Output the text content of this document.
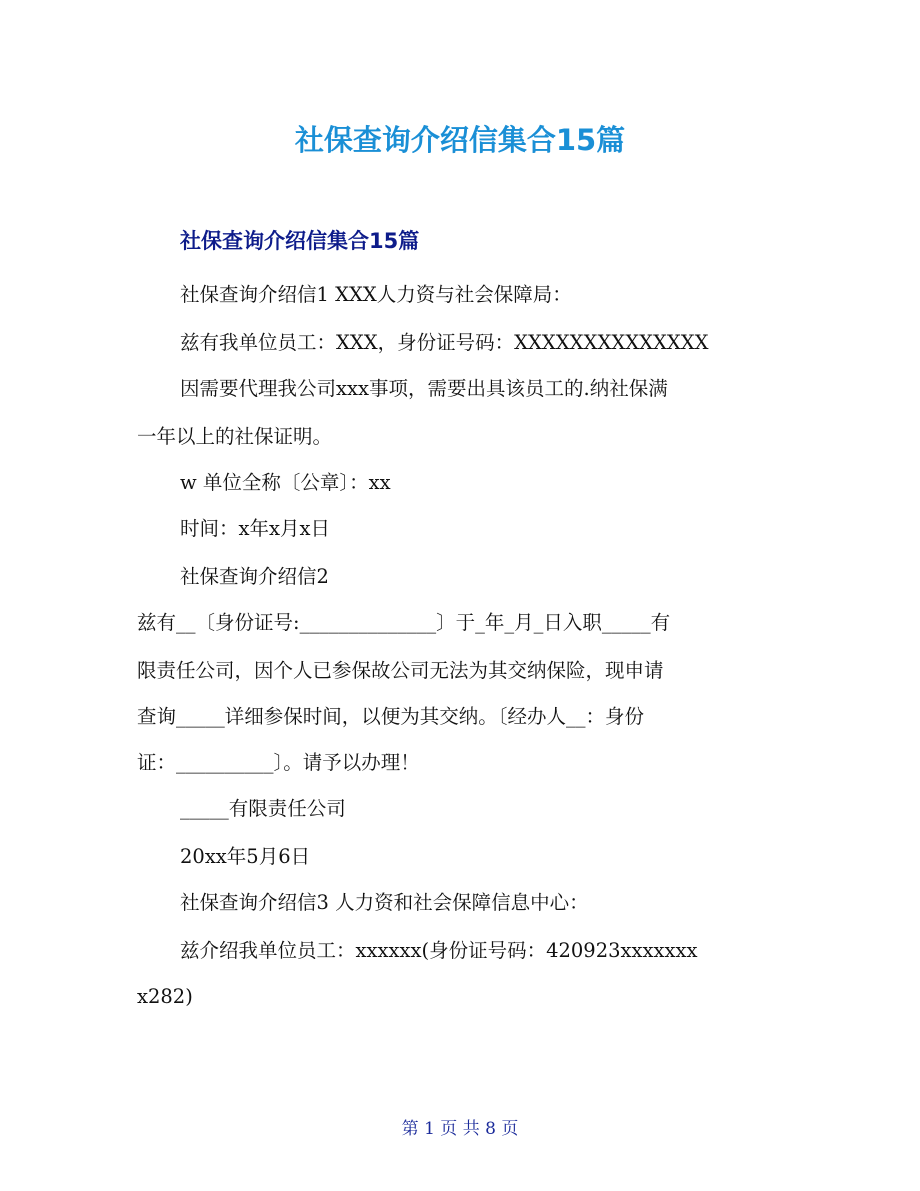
社保查询介绍信集合15篇
社保查询介绍信集合15篇
社保查询介绍信1 XXX人力资与社会保障局：
兹有我单位员工：XXX，身份证号码：XXXXXXXXXXXXXX
因需要代理我公司xxx事项，需要出具该员工的.纳社保满
一年以上的社保证明。
w 单位全称〔公章〕：xx
时间：x年x月x日
社保查询介绍信2
兹有__〔身份证号:______________〕于_年_月_日入职_____有
限责任公司，因个人已参保故公司无法为其交纳保险，现申请
查询_____详细参保时间，以便为其交纳。〔经办人__：身份
证：__________〕。请予以办理！
_____有限责任公司
20xx年5月6日
社保查询介绍信3 人力资和社会保障信息中心：
兹介绍我单位员工：xxxxxx(身份证号码：420923xxxxxxx
x282)
第 1 页 共 8 页
